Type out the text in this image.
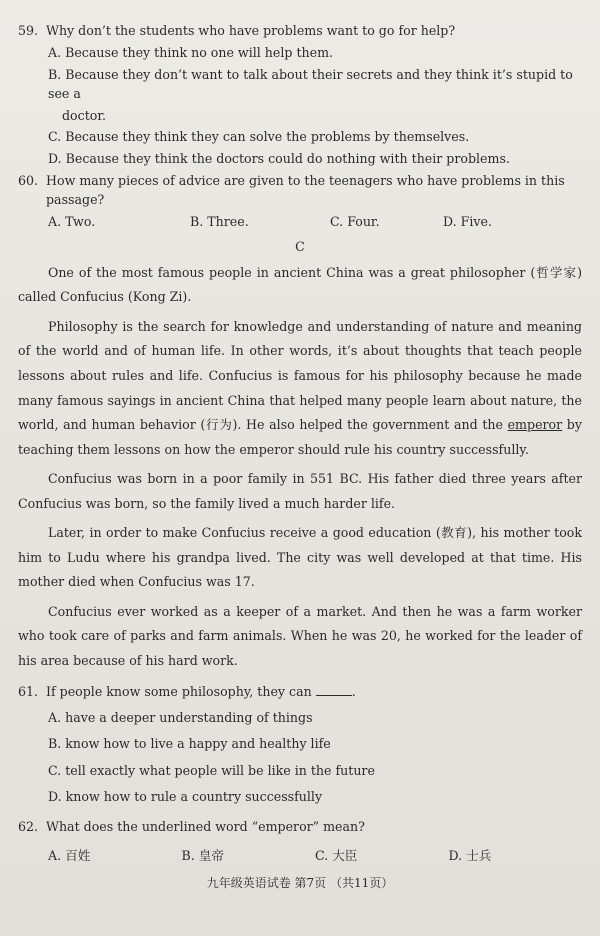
59. Why don’t the students who have problems want to go for help?

A. Because they think no one will help them.

B. Because they don’t want to talk about their secrets and they think it’s stupid to see a

doctor.

C. Because they think they can solve the problems by themselves.

D. Because they think the doctors could do nothing with their problems.

60. How many pieces of advice are given to the teenagers who have problems in this passage?

A. Two.	B. Three.	C. Four.	D. Five.
C

One of the most famous people in ancient China was a great philosopher (哲学家) called Confucius (Kong Zi).

Philosophy is the search for knowledge and understanding of nature and meaning of the world and of human life. In other words, it’s about thoughts that teach people lessons about rules and life. Confucius is famous for his philosophy because he made many famous sayings in ancient China that helped many people learn about nature, the world, and human behavior (行为). He also helped the government and the emperor by teaching them lessons on how the emperor should rule his country successfully.

Confucius was born in a poor family in 551 BC. His father died three years after Confucius was born, so the family lived a much harder life.

Later, in order to make Confucius receive a good education (教育), his mother took him to Ludu where his grandpa lived. The city was well developed at that time. His mother died when Confucius was 17.

Confucius ever worked as a keeper of a market. And then he was a farm worker who took care of parks and farm animals. When he was 20, he worked for the leader of his area because of his hard work.

61. If people know some philosophy, they can	.

A. have a deeper understanding of things

B. know how to live a happy and healthy life

C. tell exactly what people will be like in the future

D. know how to rule a country successfully

62. What does the underlined word “emperor” mean?

A. 百姓	B. 皇帝	C. 大臣	D. 士兵
九年级英语试卷 第7页 （共11页）
